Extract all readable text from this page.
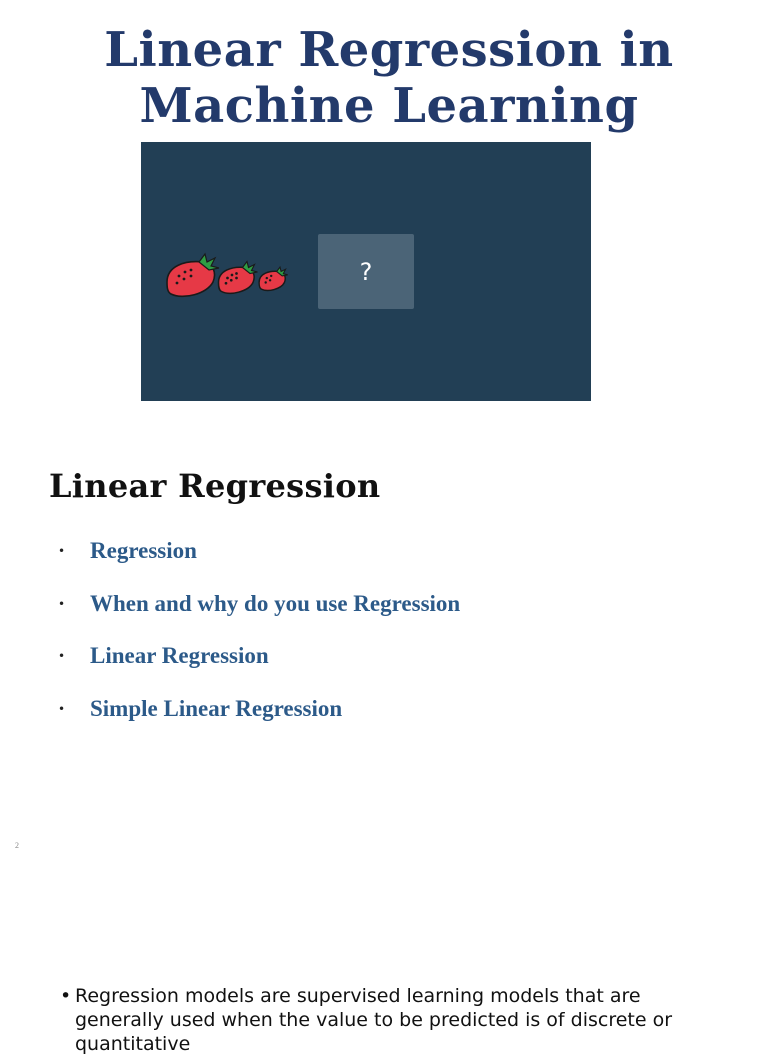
Linear Regression in
Machine Learning
?
Linear Regression
•	Regression
•	When and why do you use Regression
•	Linear Regression
•	Simple Linear Regression
2

• Regression models are supervised learning models that are generally used when the value to be predicted is of discrete or quantitative
